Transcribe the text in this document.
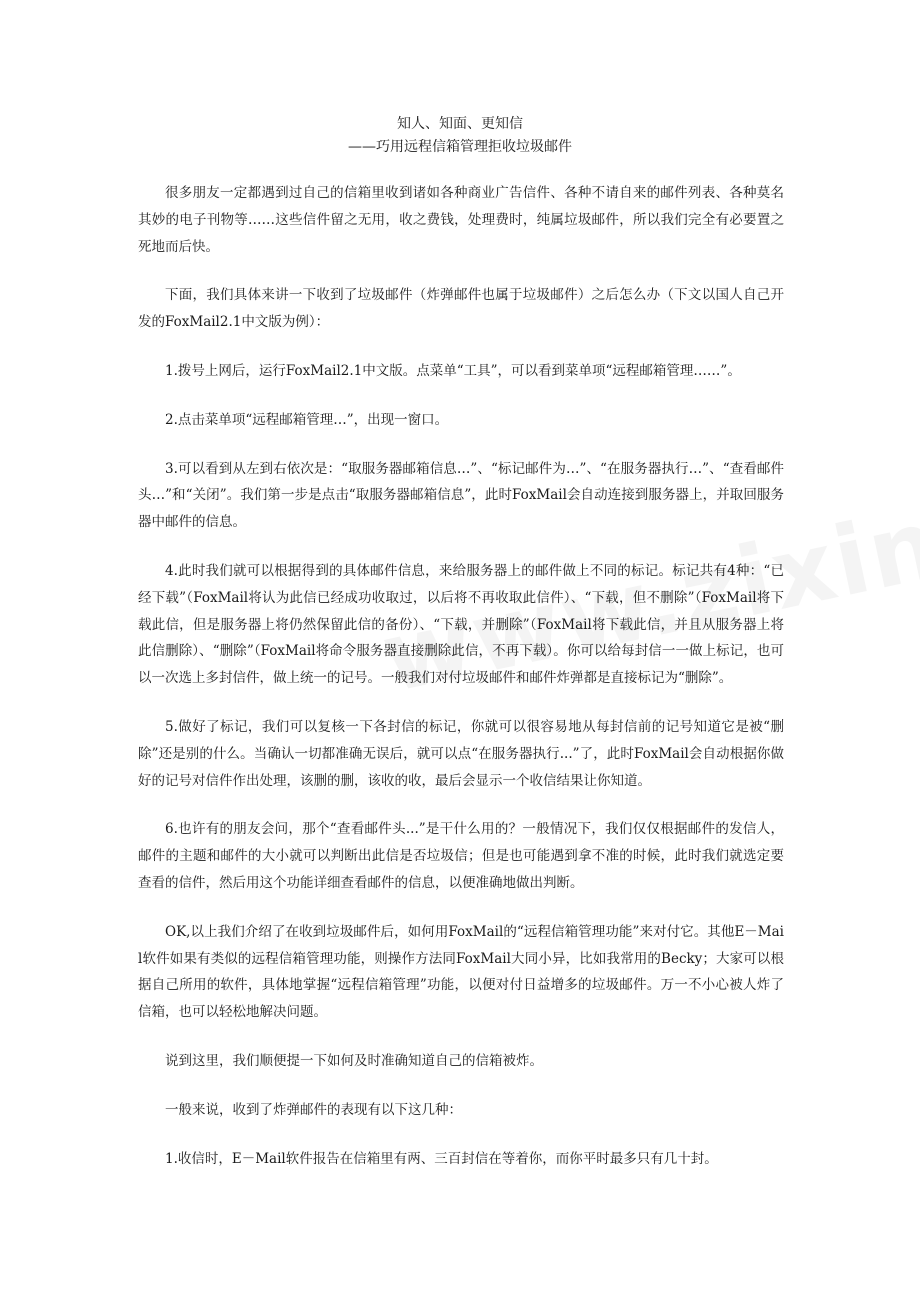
知人、知面、更知信
——巧用远程信箱管理拒收垃圾邮件

很多朋友一定都遇到过自己的信箱里收到诸如各种商业广告信件、各种不请自来的邮件列表、各种莫名其妙的电子刊物等……这些信件留之无用，收之费钱，处理费时，纯属垃圾邮件，所以我们完全有必要置之死地而后快。

下面，我们具体来讲一下收到了垃圾邮件（炸弹邮件也属于垃圾邮件）之后怎么办（下文以国人自己开发的FoxMail2.1中文版为例）：

1.拨号上网后，运行FoxMail2.1中文版。点菜单“工具”，可以看到菜单项“远程邮箱管理……”。

2.点击菜单项“远程邮箱管理…”，出现一窗口。

3.可以看到从左到右依次是：“取服务器邮箱信息…”、“标记邮件为…”、“在服务器执行…”、“查看邮件头…”和“关闭”。我们第一步是点击“取服务器邮箱信息”，此时FoxMail会自动连接到服务器上，并取回服务器中邮件的信息。

4.此时我们就可以根据得到的具体邮件信息，来给服务器上的邮件做上不同的标记。标记共有4种：“已经下载”（FoxMail将认为此信已经成功收取过，以后将不再收取此信件）、“下载，但不删除”（FoxMail将下载此信，但是服务器上将仍然保留此信的备份）、“下载，并删除”（FoxMail将下载此信，并且从服务器上将此信删除）、“删除”（FoxMail将命令服务器直接删除此信，不再下载）。你可以给每封信一一做上标记，也可以一次选上多封信件，做上统一的记号。一般我们对付垃圾邮件和邮件炸弹都是直接标记为“删除”。

5.做好了标记，我们可以复核一下各封信的标记，你就可以很容易地从每封信前的记号知道它是被“删除”还是别的什么。当确认一切都准确无误后，就可以点“在服务器执行...”了，此时FoxMail会自动根据你做好的记号对信件作出处理，该删的删，该收的收，最后会显示一个收信结果让你知道。

6.也许有的朋友会问，那个“查看邮件头...”是干什么用的？一般情况下，我们仅仅根据邮件的发信人，邮件的主题和邮件的大小就可以判断出此信是否垃圾信；但是也可能遇到拿不准的时候，此时我们就选定要查看的信件，然后用这个功能详细查看邮件的信息，以便准确地做出判断。

OK,以上我们介绍了在收到垃圾邮件后，如何用FoxMail的“远程信箱管理功能”来对付它。其他E－Mail软件如果有类似的远程信箱管理功能，则操作方法同FoxMail大同小异，比如我常用的Becky；大家可以根据自己所用的软件，具体地掌握“远程信箱管理”功能，以便对付日益增多的垃圾邮件。万一不小心被人炸了信箱，也可以轻松地解决问题。

说到这里，我们顺便提一下如何及时准确知道自己的信箱被炸。

一般来说，收到了炸弹邮件的表现有以下这几种：

1.收信时，E－Mail软件报告在信箱里有两、三百封信在等着你，而你平时最多只有几十封。
